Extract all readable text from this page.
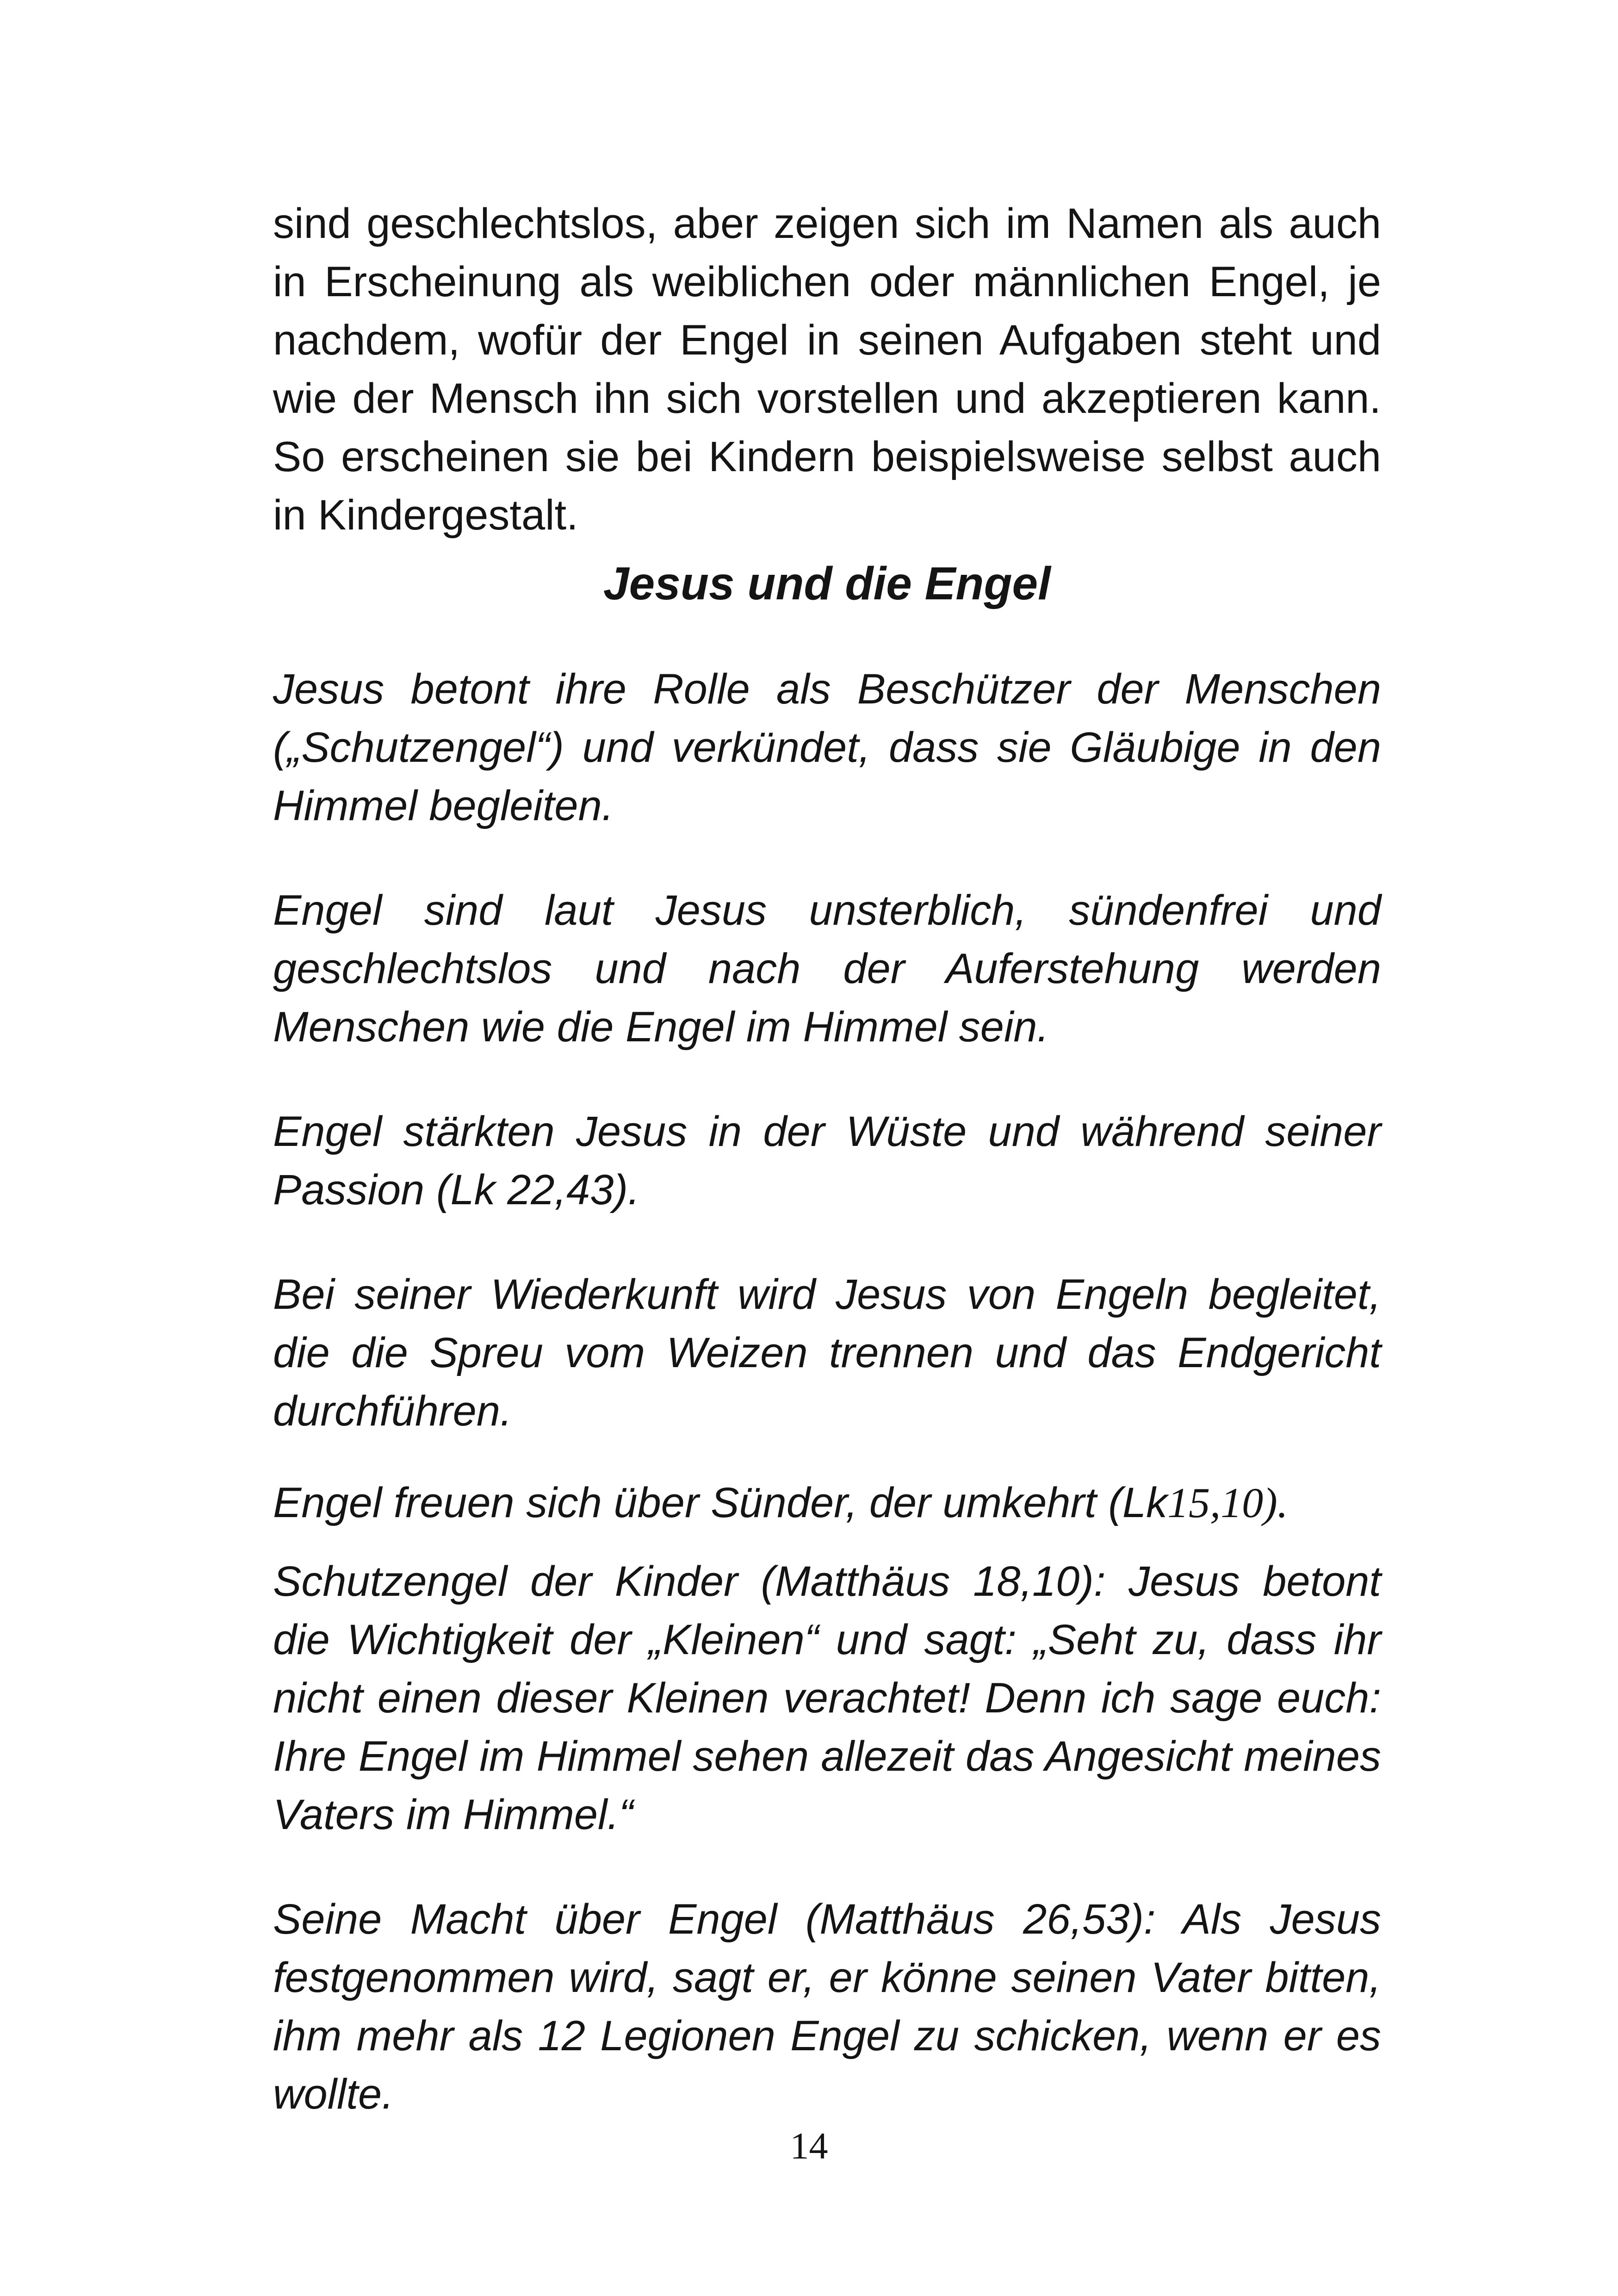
sind geschlechtslos, aber zeigen sich im Namen als auch in Erscheinung als weiblichen oder männlichen Engel, je nachdem, wofür der Engel in seinen Aufgaben steht und wie der Mensch ihn sich vorstellen und akzeptieren kann. So erscheinen sie bei Kindern beispielsweise selbst auch in Kindergestalt.

Jesus und die Engel

Jesus betont ihre Rolle als Beschützer der Menschen („Schutzengel“) und verkündet, dass sie Gläubige in den Himmel begleiten.

Engel sind laut Jesus unsterblich, sündenfrei und geschlechtslos und nach der Auferstehung werden Menschen wie die Engel im Himmel sein.

Engel stärkten Jesus in der Wüste und während seiner Passion (Lk 22,43).

Bei seiner Wiederkunft wird Jesus von Engeln begleitet, die die Spreu vom Weizen trennen und das Endgericht durchführen.

Engel freuen sich über Sünder, der umkehrt (Lk15,10).

Schutzengel der Kinder (Matthäus 18,10): Jesus betont die Wichtigkeit der „Kleinen“ und sagt: „Seht zu, dass ihr nicht einen dieser Kleinen verachtet! Denn ich sage euch: Ihre Engel im Himmel sehen allezeit das Angesicht meines Vaters im Himmel.“

Seine Macht über Engel (Matthäus 26,53): Als Jesus festgenommen wird, sagt er, er könne seinen Vater bitten, ihm mehr als 12 Legionen Engel zu schicken, wenn er es wollte.

14
